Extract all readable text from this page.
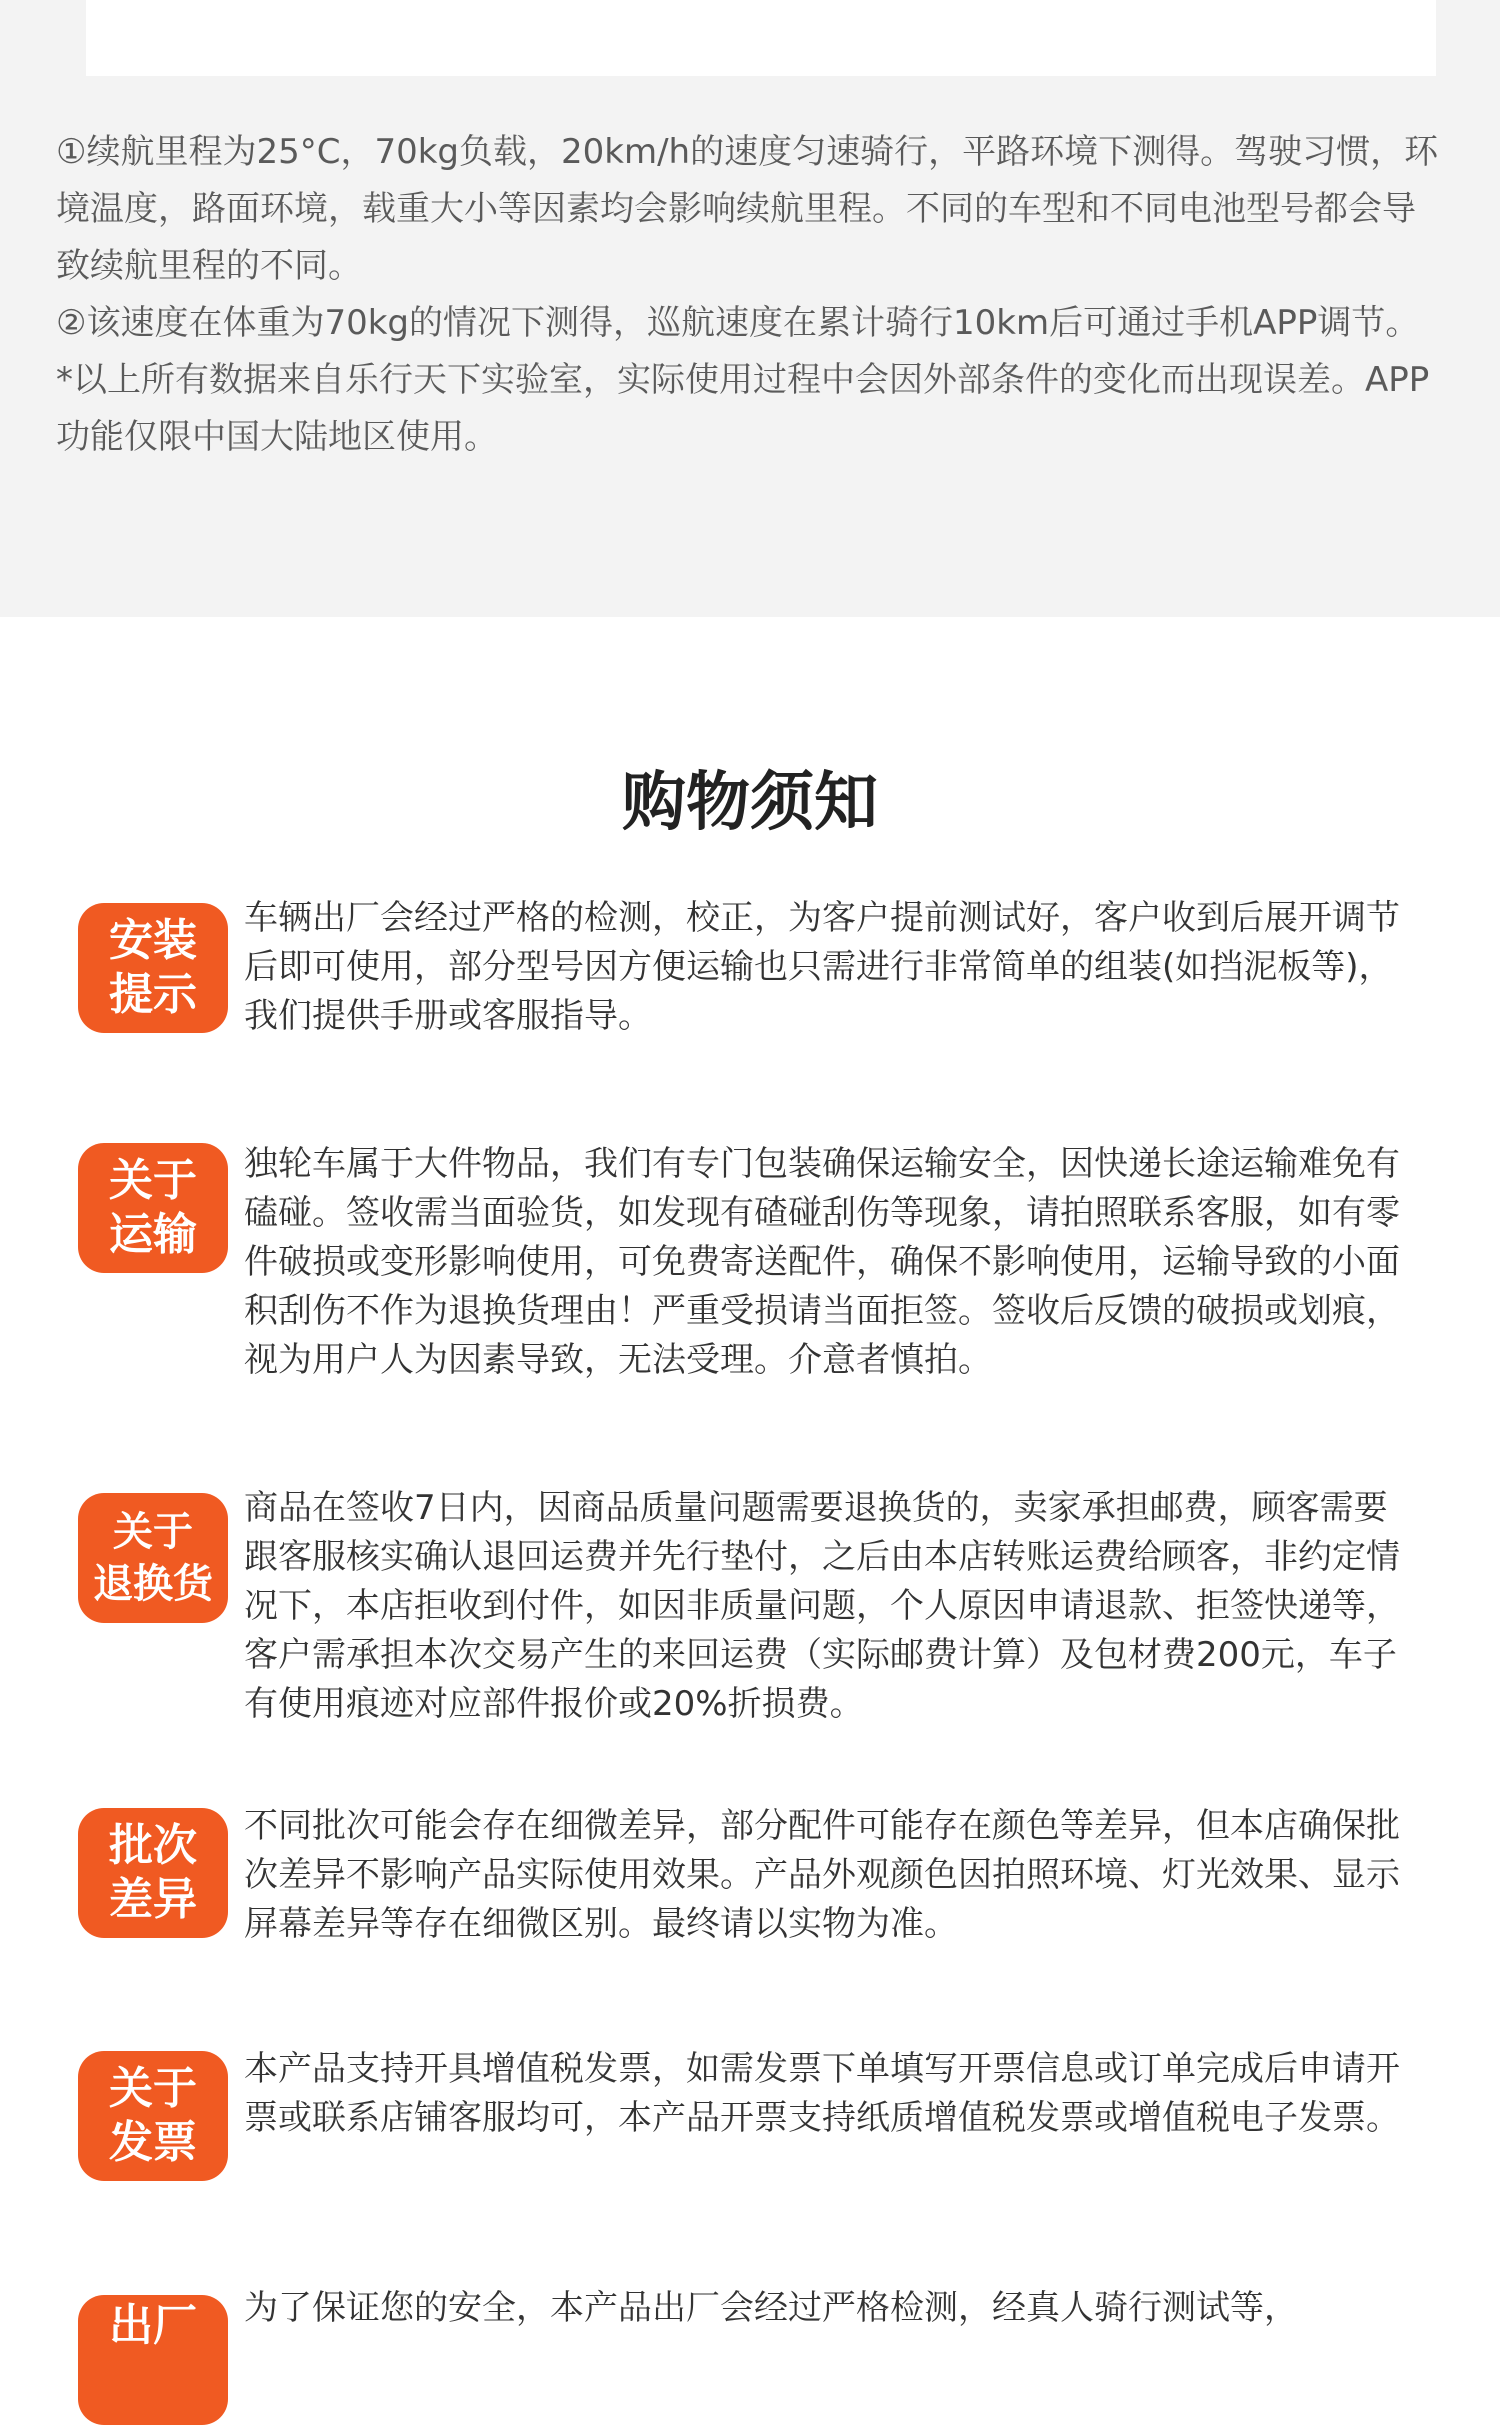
①续航里程为25°C，70kg负载，20km/h的速度匀速骑行，平路环境下测得。驾驶习惯，环境温度，路面环境，载重大小等因素均会影响续航里程。不同的车型和不同电池型号都会导致续航里程的不同。

②该速度在体重为70kg的情况下测得，巡航速度在累计骑行10km后可通过手机APP调节。

*以上所有数据来自乐行天下实验室，实际使用过程中会因外部条件的变化而出现误差。APP功能仅限中国大陆地区使用。

购物须知
安装
提示

车辆出厂会经过严格的检测，校正，为客户提前测试好，客户收到后展开调节后即可使用，部分型号因方便运输也只需进行非常简单的组装(如挡泥板等)，我们提供手册或客服指导。

关于
运输

独轮车属于大件物品，我们有专门包装确保运输安全，因快递长途运输难免有磕碰。签收需当面验货，如发现有碴碰刮伤等现象，请拍照联系客服，如有零件破损或变形影响使用，可免费寄送配件，确保不影响使用，运输导致的小面积刮伤不作为退换货理由！严重受损请当面拒签。签收后反馈的破损或划痕，视为用户人为因素导致，无法受理。介意者慎拍。

关于
退换货

商品在签收7日内，因商品质量问题需要退换货的，卖家承担邮费，顾客需要跟客服核实确认退回运费并先行垫付，之后由本店转账运费给顾客，非约定情况下，本店拒收到付件，如因非质量问题，个人原因申请退款、拒签快递等，客户需承担本次交易产生的来回运费（实际邮费计算）及包材费200元，车子有使用痕迹对应部件报价或20%折损费。

批次
差异

不同批次可能会存在细微差异，部分配件可能存在颜色等差异，但本店确保批次差异不影响产品实际使用效果。产品外观颜色因拍照环境、灯光效果、显示屏幕差异等存在细微区别。最终请以实物为准。

关于
发票

本产品支持开具增值税发票，如需发票下单填写开票信息或订单完成后申请开票或联系店铺客服均可，本产品开票支持纸质增值税发票或增值税电子发票。

出厂 为了保证您的安全，本产品出厂会经过严格检测，经真人骑行测试等，
